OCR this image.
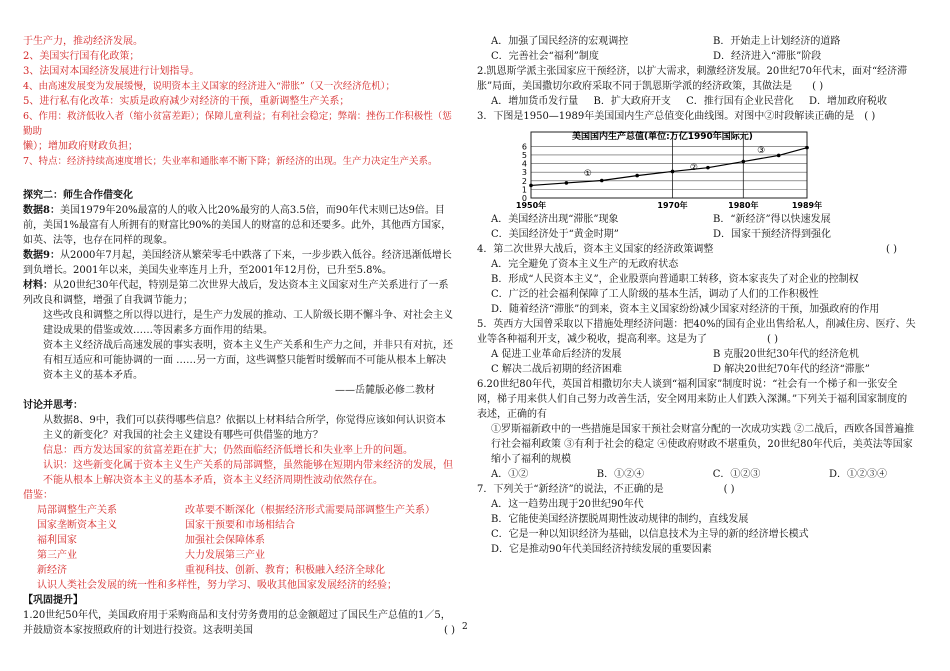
于生产力，推动经济发展。

2、美国实行国有化政策；

3、法国对本国经济发展进行计划指导。

4、由高速发展变为发展缓慢，说明资本主义国家的经济进入“滞胀”（又一次经济危机）；

5、进行私有化改革：实质是政府减少对经济的干预，重新调整生产关系；

6、作用：救济低收入者（缩小贫富差距）；保障儿童利益；有利社会稳定；弊端：挫伤工作积极性（惩勤助

懒）；增加政府财政负担；

7、特点：经济持续高速度增长；失业率和通胀率不断下降；新经济的出现。生产力决定生产关系。

探究二：师生合作借变化

数据8：美国1979年20%最富的人的收入比20%最穷的人高3.5倍，而90年代末则已达9倍。目前，美国1%最富有人所拥有的财富比90%的美国人的财富的总和还要多。此外，其他西方国家，如英、法等，也存在同样的现象。

数据9：从2000年7月起，美国经济从繁荣零毛中跌落了下来，一步步跌入低谷。经济迅渐低增长到负增长。2001年以来，美国失业率连月上升，至2001年12月份，已升至5.8%。

材料：从20世纪30年代起，特别是第二次世界大战后，发达资本主义国家对生产关系进行了一系列改良和调整，增强了自我调节能力；

这些改良和调整之所以得以进行，是生产力发展的推动、工人阶级长期不懈斗争、对社会主义建设成果的借鉴或效……等因素多方面作用的结果。

资本主义经济战后高速发展的事实表明，资本主义生产关系和生产力之间，并非只有对抗，还有相互适应和可能协调的一面 ……另一方面，这些调整只能暂时缓解而不可能从根本上解决资本主义的基本矛盾。

——岳麓版必修二教材

讨论并思考：

从数据8、9中，我们可以获得哪些信息？依据以上材料结合所学，你觉得应该如何认识资本主义的新变化？对我国的社会主义建设有哪些可供借鉴的地方？

信息：西方发达国家的贫富差距在扩大；仍然面临经济低增长和失业率上升的问题。

认识：这些新变化属于资本主义生产关系的局部调整，虽然能够在短期内带来经济的发展，但不能从根本上解决资本主义的基本矛盾，资本主义经济周期性波动依然存在。

借鉴：

局部调整生产关系	改革要不断深化（根据经济形式需要局部调整生产关系）
国家垄断资本主义	国家干预要和市场相结合
福利国家	加强社会保障体系
第三产业	大力发展第三产业
新经济	重视科技、创新、教育；积极融入经济全球化

认识人类社会发展的统一性和多样性，努力学习、吸收其他国家发展经济的经验；

【巩固提升】

1.20世纪50年代，美国政府用于采购商品和支付劳务费用的总金额超过了国民生产总值的1／5，并鼓励资本家按照政府的计划进行投资。这表明美国	( )

A．加强了国民经济的宏观调控	B．开始走上计划经济的道路
C．完善社会“福利”制度	D．经济进入“滞胀”阶段

2.凯恩斯学派主张国家应干预经济，以扩大需求，刺激经济发展。20世纪70年代末，面对“经济滞胀”局面，美国撒切尔政府采取不同于凯恩斯学派的经济政策，其做法是 ( )

A．增加货币发行量 B．扩大政府开支 C．推行国有企业民营化 D．增加政府税收

3．下图是1950—1989年美国国内生产总值变化曲线图。对图中②时段解读正确的是 ( )

0
1
2
3
4
5
6
1950年	1970年	1980年	1989年
①
②
③
美国国内生产总值(单位:万亿1990年国际元)
A．美国经济出现“滞胀”现象	B．“新经济”得以快速发展
C．美国经济处于“黄金时期”	D．国家干预经济得到强化

4．第二次世界大战后，资本主义国家的经济政策调整	( )

A．完全避免了资本主义生产的无政府状态

B．形成“人民资本主义”，企业股票向普通职工转移，资本家丧失了对企业的控制权

C．广泛的社会福利保障了工人阶级的基本生活，调动了人们的工作积极性

D．随着经济“滞胀”的到来，资本主义国家纷纷减少国家对经济的干预，加强政府的作用

5．英西方大国曾采取以下措施处理经济问题：把40%的国有企业出售给私人，削减住房、医疗、失业等各种福利开支，减少税收，提高利率。这是为了	( )

A 促进工业革命后经济的发展	B 克服20世纪30年代的经济危机
C 解决二战后初期的经济困难	D 解决20世纪70年代的经济“滞胀”

6.20世纪80年代，英国首相撒切尔夫人谈到“福利国家”制度时说：“社会有一个梯子和一张安全网，梯子用来供人们自己努力改善生活，安全网用来防止人们跌入深渊。”下列关于福利国家制度的表述，正确的有

①罗斯福新政中的一些措施是国家干预社会财富分配的一次成功实践 ②二战后，西欧各国普遍推行社会福利政策 ③有利于社会的稳定 ④使政府财政不堪重负，20世纪80年代后，美英法等国家缩小了福利的规模

A．①②	B．①②④	C．①②③	D．①②③④

7．下列关于“新经济”的说法，不正确的是	( )

A．这一趋势出现于20世纪90年代

B．它能使美国经济摆脱周期性波动规律的制约，直线发展

C．它是一种以知识经济为基础，以信息技术为主导的新的经济增长模式

D．它是推动90年代美国经济持续发展的重要因素

2
